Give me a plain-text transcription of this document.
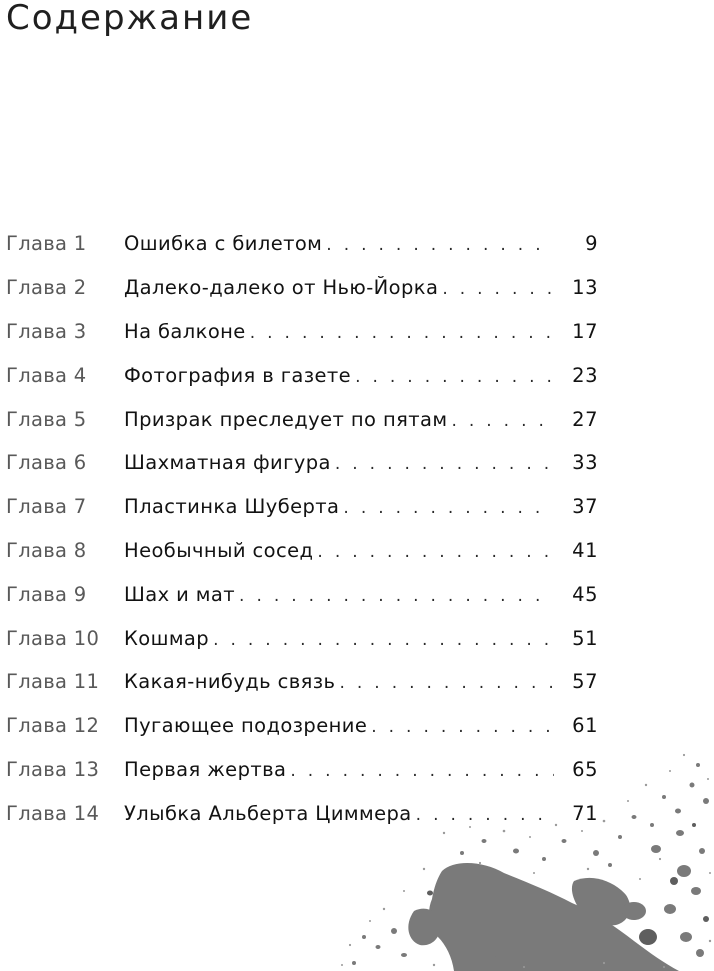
Содержание
Глава 1	Ошибка с билетом . . .	9
Глава 2	Далеко-далеко от Нью-Йорка . . .	13
Глава 3	На балконе . . .	17
Глава 4	Фотография в газете . . .	23
Глава 5	Призрак преследует по пятам . . .	27
Глава 6	Шахматная фигура . . .	33
Глава 7	Пластинка Шуберта . . .	37
Глава 8	Необычный сосед . . .	41
Глава 9	Шах и мат . . .	45
Глава 10	Кошмар . . .	51
Глава 11	Какая-нибудь связь . . .	57
Глава 12	Пугающее подозрение . . .	61
Глава 13	Первая жертва . . .	65
Глава 14	Улыбка Альберта Циммера . . .	71
